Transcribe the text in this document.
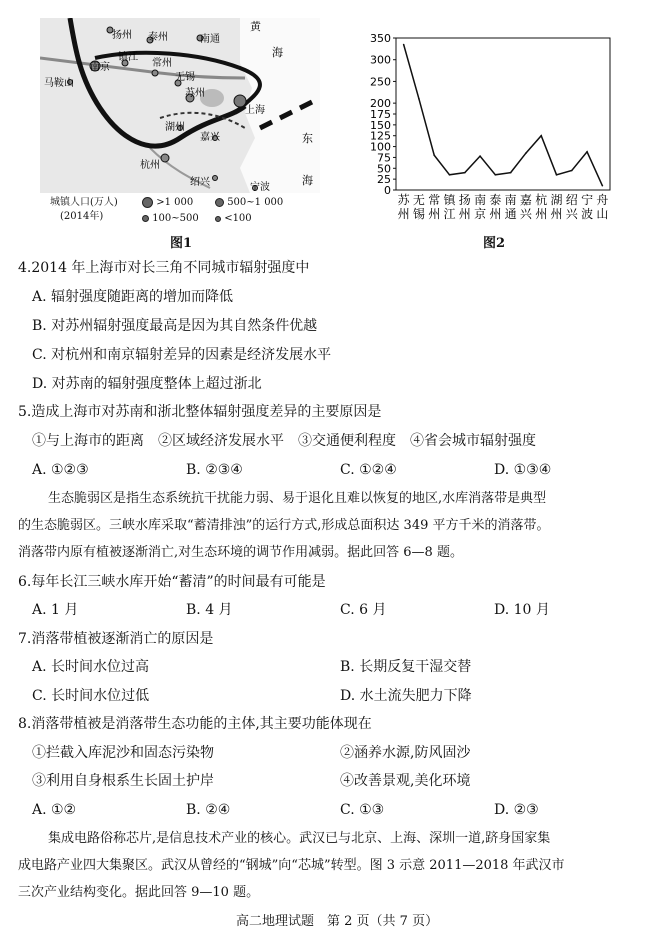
黄
海
扬州 泰州	南通
镇江
南京	常州
无锡
苏州
上海
马鞍山
湖州
嘉兴
杭州
绍兴
东
海
宁波
城镇人口(万人)
(2014年)
>1 000	500~1 000
100~500	<100
图1
0
25
50
75
100
125
150
175
200
250
300
350
苏
州
无
锡
常
州
镇
江
扬
州
南
京
泰
州
南
通
嘉
兴
杭
州
湖
州
绍
兴
宁
波
舟
山
图2
4.2014 年上海市对长三角不同城市辐射强度中
A. 辐射强度随距离的增加而降低
B. 对苏州辐射强度最高是因为其自然条件优越
C. 对杭州和南京辐射差异的因素是经济发展水平
D. 对苏南的辐射强度整体上超过浙北
5.造成上海市对苏南和浙北整体辐射强度差异的主要原因是
①与上海市的距离　②区域经济发展水平　③交通便利程度　④省会城市辐射强度
A. ①②③	B. ②③④	C. ①②④	D. ①③④
生态脆弱区是指生态系统抗干扰能力弱、易于退化且难以恢复的地区,水库消落带是典型
的生态脆弱区。三峡水库采取“蓄清排浊”的运行方式,形成总面积达 349 平方千米的消落带。
消落带内原有植被逐渐消亡,对生态环境的调节作用减弱。据此回答 6—8 题。
6.每年长江三峡水库开始“蓄清”的时间最有可能是
A. 1 月	B. 4 月	C. 6 月	D. 10 月
7.消落带植被逐渐消亡的原因是
A. 长时间水位过高	B. 长期反复干湿交替
C. 长时间水位过低	D. 水土流失肥力下降
8.消落带植被是消落带生态功能的主体,其主要功能体现在
①拦截入库泥沙和固态污染物	②涵养水源,防风固沙
③利用自身根系生长固土护岸	④改善景观,美化环境
A. ①②	B. ②④	C. ①③	D. ②③
集成电路俗称芯片,是信息技术产业的核心。武汉已与北京、上海、深圳一道,跻身国家集
成电路产业四大集聚区。武汉从曾经的“钢城”向“芯城”转型。图 3 示意 2011—2018 年武汉市
三次产业结构变化。据此回答 9—10 题。
高二地理试题　第 2 页（共 7 页）
